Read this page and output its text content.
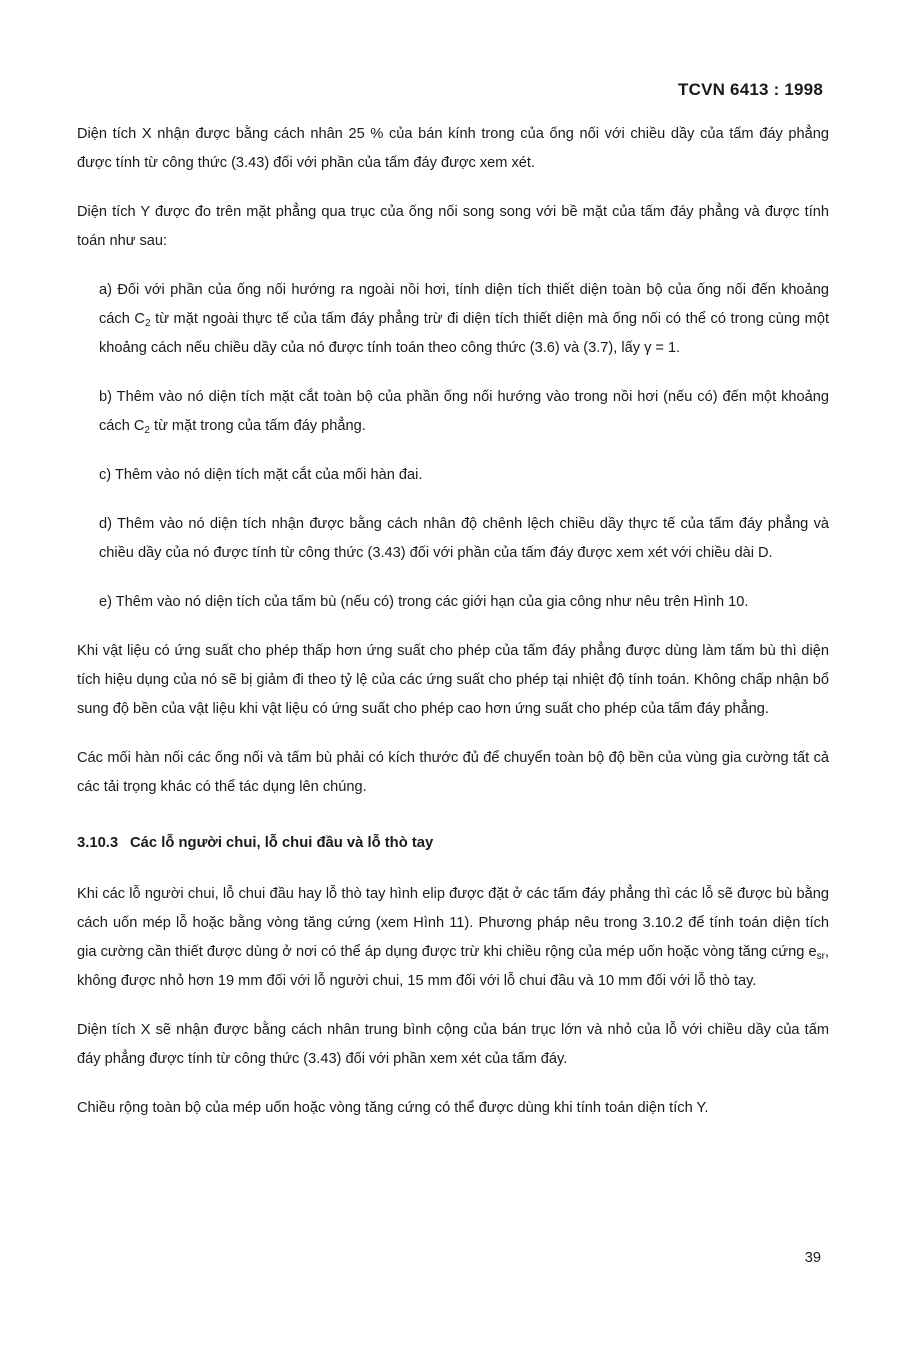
TCVN 6413 : 1998

Diện tích X nhận được bằng cách nhân 25 % của bán kính trong của ống nối với chiều dầy của tấm đáy phẳng được tính từ công thức (3.43) đối với phần của tấm đáy được xem xét.

Diện tích Y được đo trên mặt phẳng qua trục của ống nối song song với bề mặt của tấm đáy phẳng và được tính toán như sau:

a) Đối với phần của ống nối hướng ra ngoài nồi hơi, tính diện tích thiết diện toàn bộ của ống nối đến khoảng cách $C_2$ từ mặt ngoài thực tế của tấm đáy phẳng trừ đi diện tích thiết diện mà ống nối có thể có trong cùng một khoảng cách nếu chiều dầy của nó được tính toán theo công thức (3.6) và (3.7), lấy γ = 1.
b) Thêm vào nó diện tích mặt cắt toàn bộ của phần ống nối hướng vào trong nồi hơi (nếu có) đến một khoảng cách $C_2$ từ mặt trong của tấm đáy phẳng.
c) Thêm vào nó diện tích mặt cắt của mối hàn đai.
d) Thêm vào nó diện tích nhận được bằng cách nhân độ chênh lệch chiều dầy thực tế của tấm đáy phẳng và chiều dầy của nó được tính từ công thức (3.43) đối với phần của tấm đáy được xem xét với chiều dài D.
e) Thêm vào nó diện tích của tấm bù (nếu có) trong các giới hạn của gia công như nêu trên Hình 10.

Khi vật liệu có ứng suất cho phép thấp hơn ứng suất cho phép của tấm đáy phẳng được dùng làm tấm bù thì diện tích hiệu dụng của nó sẽ bị giảm đi theo tỷ lệ của các ứng suất cho phép tại nhiệt độ tính toán. Không chấp nhận bổ sung độ bền của vật liệu khi vật liệu có ứng suất cho phép cao hơn ứng suất cho phép của tấm đáy phẳng.

Các mối hàn nối các ống nối và tấm bù phải có kích thước đủ để chuyển toàn bộ độ bền của vùng gia cường tất cả các tải trọng khác có thể tác dụng lên chúng.

3.10.3 Các lỗ người chui, lỗ chui đầu và lỗ thò tay

Khi các lỗ người chui, lỗ chui đầu hay lỗ thò tay hình elip được đặt ở các tấm đáy phẳng thì các lỗ sẽ được bù bằng cách uốn mép lỗ hoặc bằng vòng tăng cứng (xem Hình 11). Phương pháp nêu trong 3.10.2 để tính toán diện tích gia cường cần thiết được dùng ở nơi có thể áp dụng được trừ khi chiều rộng của mép uốn hoặc vòng tăng cứng $e_{sr}$, không được nhỏ hơn 19 mm đối với lỗ người chui, 15 mm đối với lỗ chui đầu và 10 mm đối với lỗ thò tay.

Diện tích X sẽ nhận được bằng cách nhân trung bình cộng của bán trục lớn và nhỏ của lỗ với chiều dầy của tấm đáy phẳng được tính từ công thức (3.43) đối với phần xem xét của tấm đáy.

Chiều rộng toàn bộ của mép uốn hoặc vòng tăng cứng có thể được dùng khi tính toán diện tích Y.

39
